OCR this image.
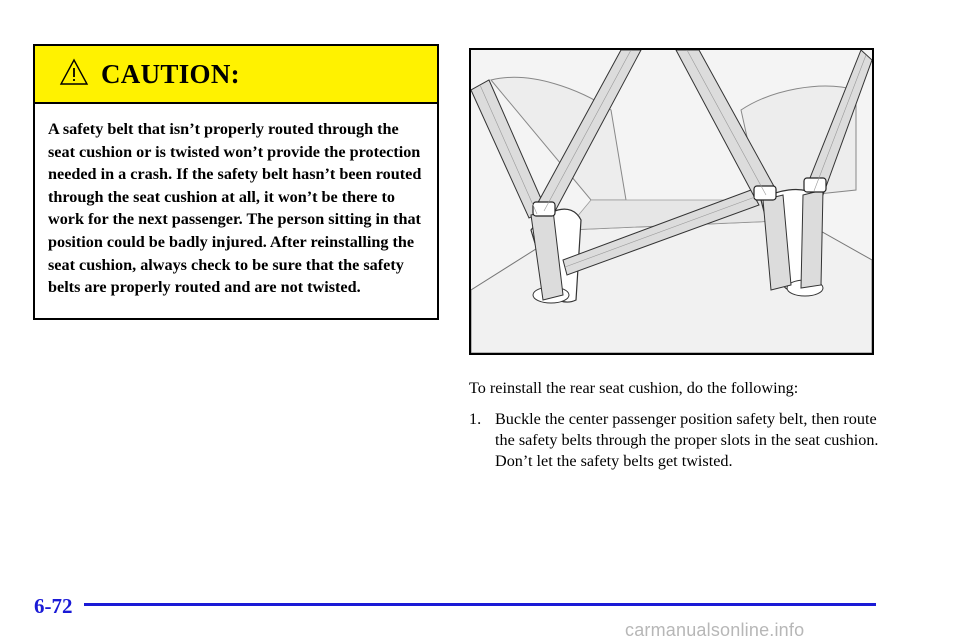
CAUTION:
A safety belt that isn’t properly routed through the seat cushion or is twisted won’t provide the protection needed in a crash. If the safety belt hasn’t been routed through the seat cushion at all, it won’t be there to work for the next passenger. The person sitting in that position could be badly injured. After reinstalling the seat cushion, always check to be sure that the safety belts are properly routed and are not twisted.

To reinstall the rear seat cushion, do the following:

1. Buckle the center passenger position safety belt, then route the safety belts through the proper slots in the seat cushion. Don’t let the safety belts get twisted.
6-72
carmanualsonline.info
